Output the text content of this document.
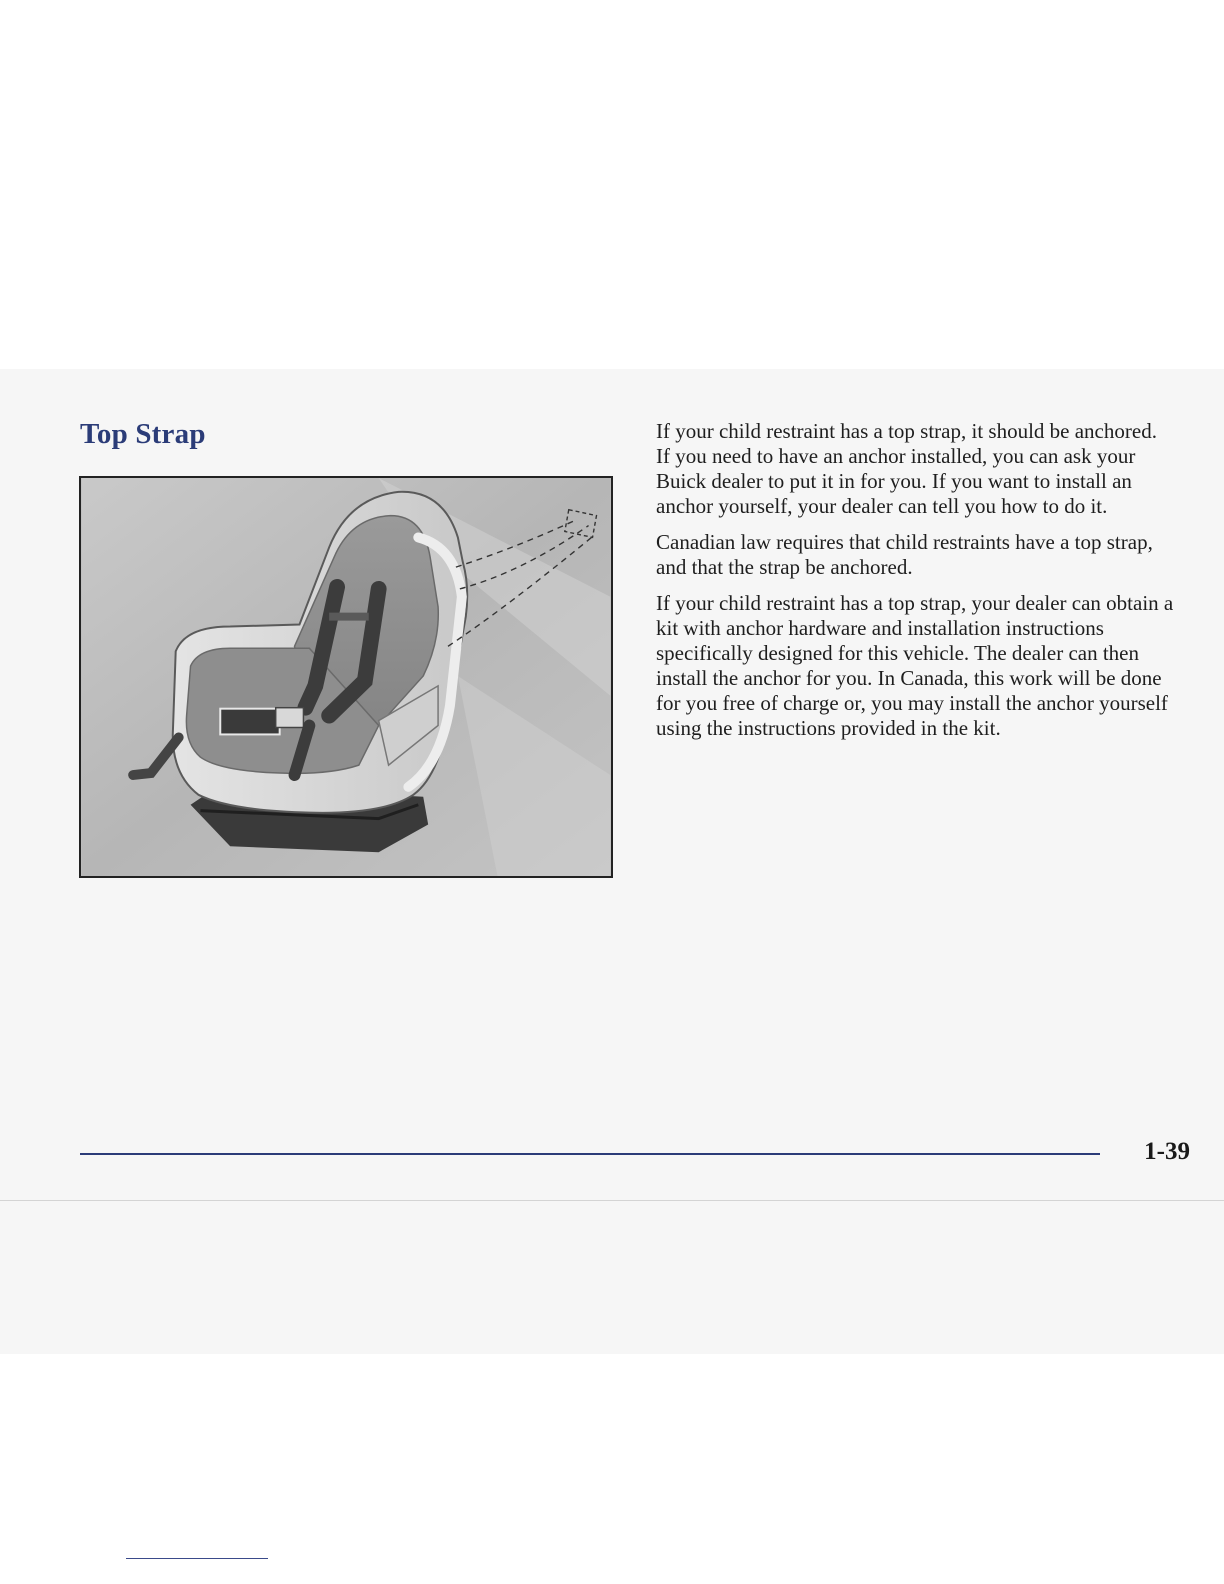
Top Strap	If your child restraint has a top strap, it should be anchored. If you need to have an anchor installed, you can ask your Buick dealer to put it in for you. If you want to install an anchor yourself, your dealer can tell you how to do it.

Canadian law requires that child restraints have a top strap, and that the strap be anchored.

If your child restraint has a top strap, your dealer can obtain a kit with anchor hardware and installation instructions specifically designed for this vehicle. The dealer can then install the anchor for you. In Canada, this work will be done for you free of charge or, you may install the anchor yourself using the instructions provided in the kit.

1-39
